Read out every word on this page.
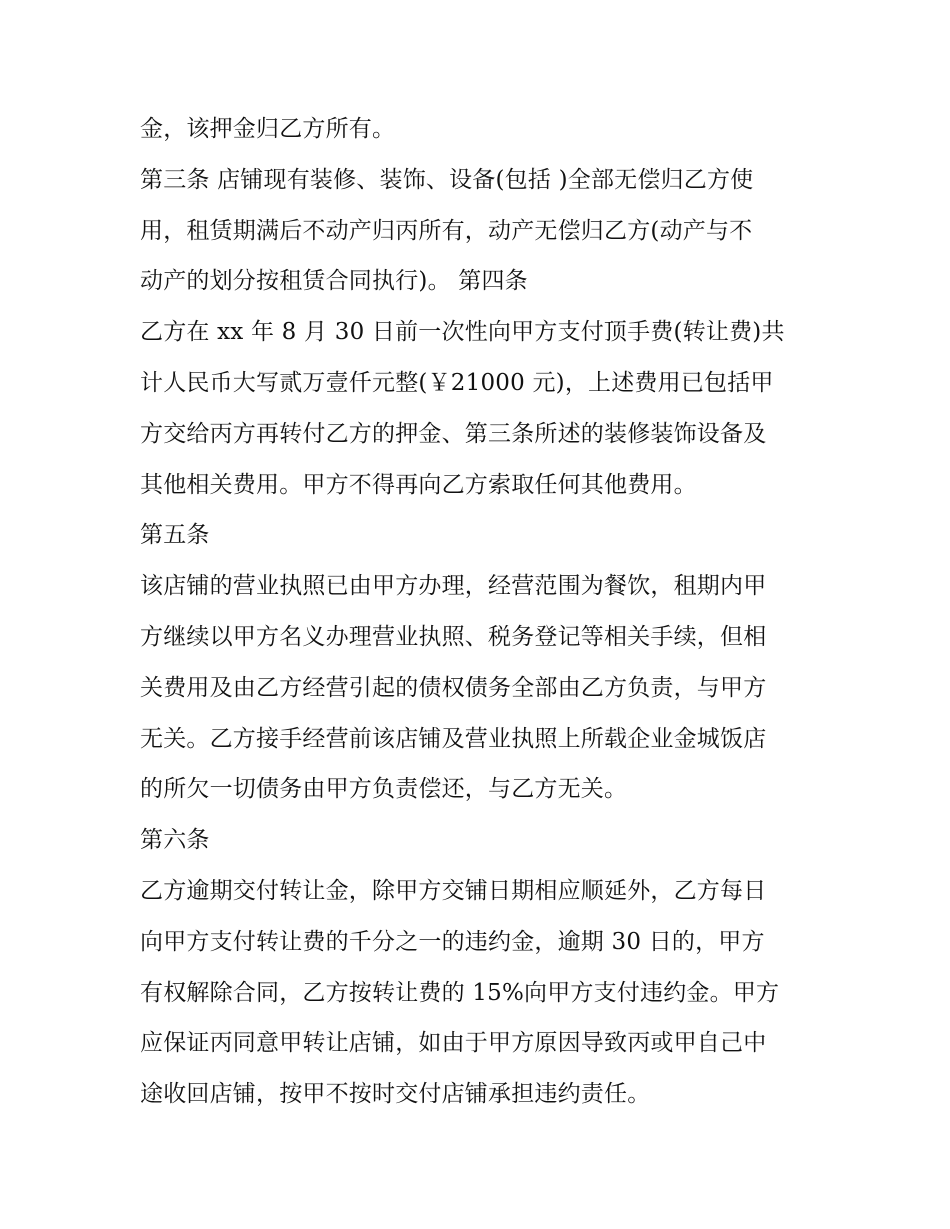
金，该押金归乙方所有。
第三条 店铺现有装修、装饰、设备(包括 )全部无偿归乙方使
用，租赁期满后不动产归丙所有，动产无偿归乙方(动产与不
动产的划分按租赁合同执行)。 第四条
乙方在 xx 年 8 月 30 日前一次性向甲方支付顶手费(转让费)共
计人民币大写贰万壹仟元整(￥21000 元)，上述费用已包括甲
方交给丙方再转付乙方的押金、第三条所述的装修装饰设备及
其他相关费用。甲方不得再向乙方索取任何其他费用。
第五条
该店铺的营业执照已由甲方办理，经营范围为餐饮，租期内甲
方继续以甲方名义办理营业执照、税务登记等相关手续，但相
关费用及由乙方经营引起的债权债务全部由乙方负责，与甲方
无关。乙方接手经营前该店铺及营业执照上所载企业金城饭店
的所欠一切债务由甲方负责偿还，与乙方无关。
第六条
乙方逾期交付转让金，除甲方交铺日期相应顺延外，乙方每日
向甲方支付转让费的千分之一的违约金，逾期 30 日的，甲方
有权解除合同，乙方按转让费的 15%向甲方支付违约金。甲方
应保证丙同意甲转让店铺，如由于甲方原因导致丙或甲自己中
途收回店铺，按甲不按时交付店铺承担违约责任。
